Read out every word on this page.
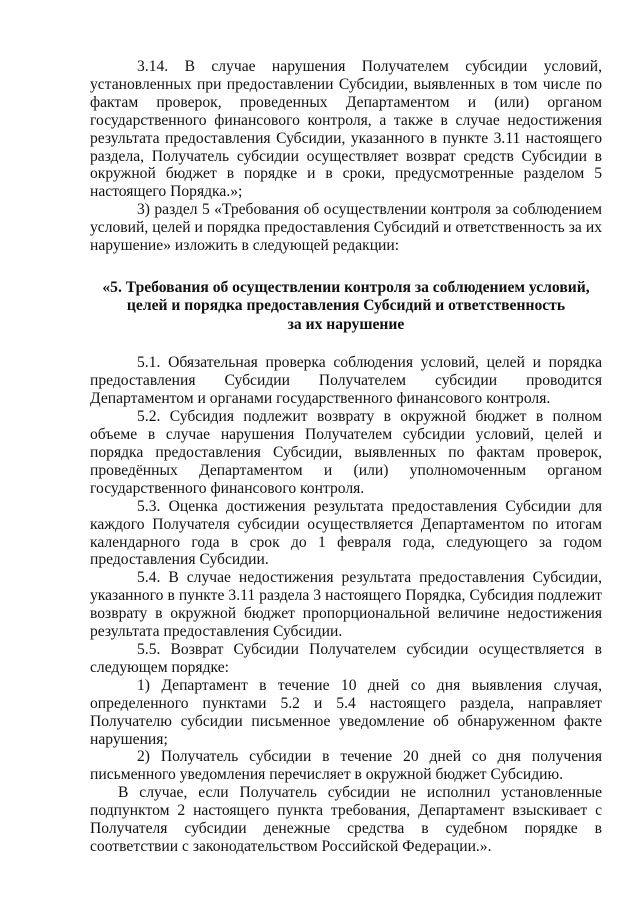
3.14. В случае нарушения Получателем субсидии условий, установленных при предоставлении Субсидии, выявленных в том числе по фактам проверок, проведенных Департаментом и (или) органом государственного финансового контроля, а также в случае недостижения результата предоставления Субсидии, указанного в пункте 3.11 настоящего раздела, Получатель субсидии осуществляет возврат средств Субсидии в окружной бюджет в порядке и в сроки, предусмотренные разделом 5 настоящего Порядка.»;

3) раздел 5 «Требования об осуществлении контроля за соблюдением условий, целей и порядка предоставления Субсидий и ответственность за их нарушение» изложить в следующей редакции:

«5. Требования об осуществлении контроля за соблюдением условий,
целей и порядка предоставления Субсидий и ответственность
за их нарушение

5.1. Обязательная проверка соблюдения условий, целей и порядка предоставления Субсидии Получателем субсидии проводится Департаментом и органами государственного финансового контроля.

5.2. Субсидия подлежит возврату в окружной бюджет в полном объеме в случае нарушения Получателем субсидии условий, целей и порядка предоставления Субсидии, выявленных по фактам проверок, проведённых Департаментом и (или) уполномоченным органом государственного финансового контроля.

5.3. Оценка достижения результата предоставления Субсидии для каждого Получателя субсидии осуществляется Департаментом по итогам календарного года в срок до 1 февраля года, следующего за годом предоставления Субсидии.

5.4. В случае недостижения результата предоставления Субсидии, указанного в пункте 3.11 раздела 3 настоящего Порядка, Субсидия подлежит возврату в окружной бюджет пропорциональной величине недостижения результата предоставления Субсидии.

5.5. Возврат Субсидии Получателем субсидии осуществляется в следующем порядке:

1) Департамент в течение 10 дней со дня выявления случая, определенного пунктами 5.2 и 5.4 настоящего раздела, направляет Получателю субсидии письменное уведомление об обнаруженном факте нарушения;

2) Получатель субсидии в течение 20 дней со дня получения письменного уведомления перечисляет в окружной бюджет Субсидию.

В случае, если Получатель субсидии не исполнил установленные подпунктом 2 настоящего пункта требования, Департамент взыскивает с Получателя субсидии денежные средства в судебном порядке в соответствии с законодательством Российской Федерации.».
